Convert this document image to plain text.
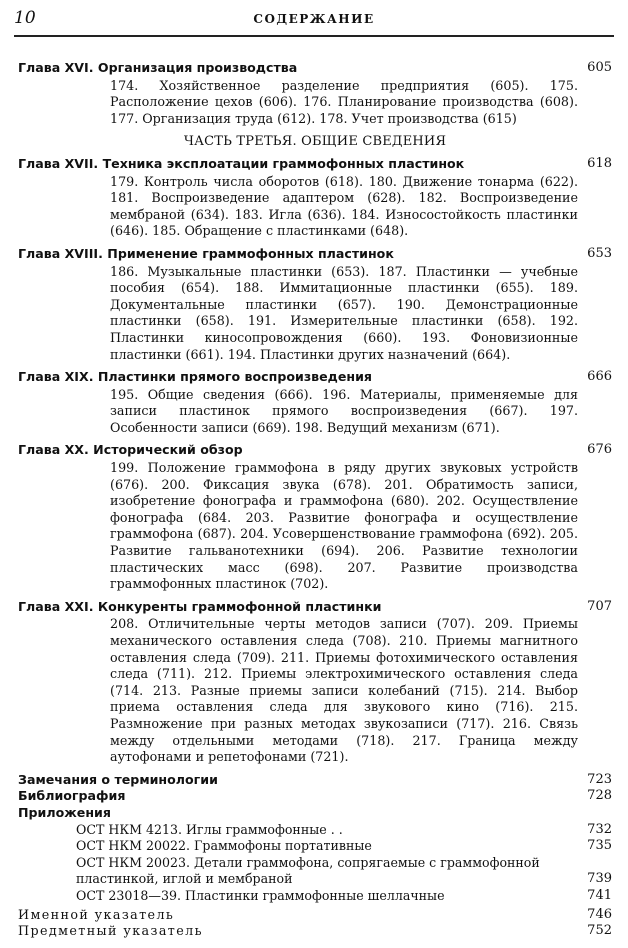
10	СОДЕРЖАНИЕ
Глава XVI. Организация производства	605
174. Хозяйственное разделение предприятия (605). 175. Расположение цехов (606). 176. Планирование производства (608). 177. Организация труда (612). 178. Учет производства (615)
ЧАСТЬ ТРЕТЬЯ. ОБЩИЕ СВЕДЕНИЯ
Глава XVII. Техника эксплоатации граммофонных пластинок	618
179. Контроль числа оборотов (618). 180. Движение тонарма (622). 181. Воспроизведение адаптером (628). 182. Воспроизведение мембраной (634). 183. Игла (636). 184. Износостойкость пластинки (646). 185. Обращение с пластинками (648).
Глава XVIII. Применение граммофонных пластинок	653
186. Музыкальные пластинки (653). 187. Пластинки — учебные пособия (654). 188. Иммитационные пластинки (655). 189. Документальные пластинки (657). 190. Демонстрационные пластинки (658). 191. Измерительные пластинки (658). 192. Пластинки киносопровождения (660). 193. Фоновизионные пластинки (661). 194. Пластинки других назначений (664).
Глава XIX. Пластинки прямого воспроизведения	666
195. Общие сведения (666). 196. Материалы, применяемые для записи пластинок прямого воспроизведения (667). 197. Особенности записи (669). 198. Ведущий механизм (671).
Глава XX. Исторический обзор	676
199. Положение граммофона в ряду других звуковых устройств (676). 200. Фиксация звука (678). 201. Обратимость записи, изобретение фонографа и граммофона (680). 202. Осуществление фонографа (684. 203. Развитие фонографа и осуществление граммофона (687). 204. Усовершенствование граммофона (692). 205. Развитие гальванотехники (694). 206. Развитие технологии пластических масс (698). 207. Развитие производства граммофонных пластинок (702).
Глава XXI. Конкуренты граммофонной пластинки	707
208. Отличительные черты методов записи (707). 209. Приемы механического оставления следа (708). 210. Приемы магнитного оставления следа (709). 211. Приемы фотохимического оставления следа (711). 212. Приемы электрохимического оставления следа (714. 213. Разные приемы записи колебаний (715). 214. Выбор приема оставления следа для звукового кино (716). 215. Размножение при разных методах звукозаписи (717). 216. Связь между отдельными методами (718). 217. Граница между аутофонами и репетофонами (721).
Замечания о терминологии	723
Библиография	728
Приложения
ОСТ НКМ 4213. Иглы граммофонные . .	732
ОСТ НКМ 20022. Граммофоны портативные	735
ОСТ НКМ 20023. Детали граммофона, сопрягаемые с граммофонной пластинкой, иглой и мембраной	739
ОСТ 23018—39. Пластинки граммофонные шеллачные	741
Именной указатель	746
Предметный указатель	752
